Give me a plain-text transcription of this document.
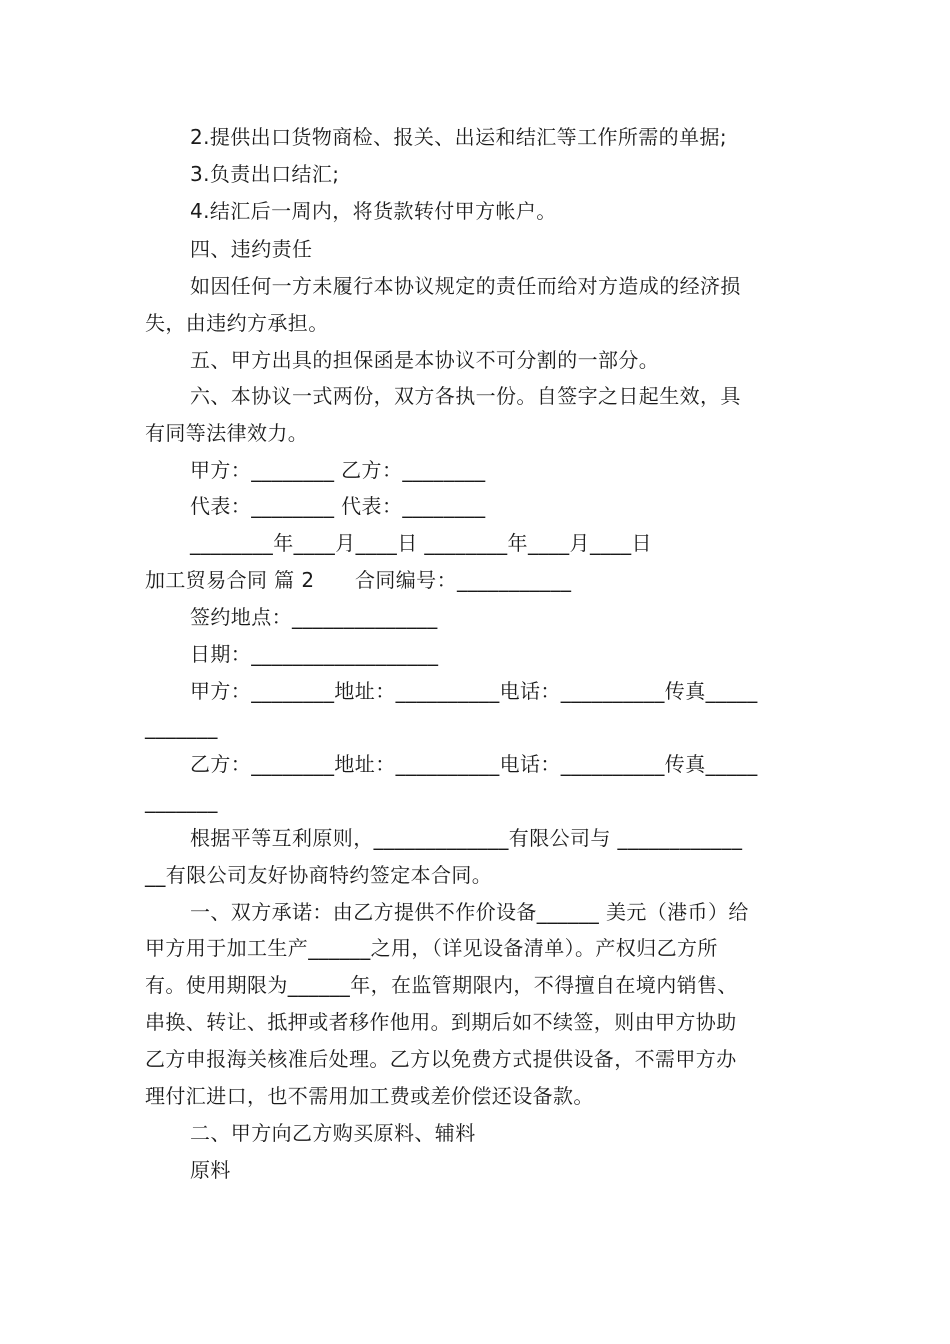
2.提供出口货物商检、报关、出运和结汇等工作所需的单据;
3.负责出口结汇;
4.结汇后一周内，将货款转付甲方帐户。
四、违约责任
如因任何一方未履行本协议规定的责任而给对方造成的经济损
失，由违约方承担。
五、甲方出具的担保函是本协议不可分割的一部分。
六、本协议一式两份，双方各执一份。自签字之日起生效，具
有同等法律效力。
甲方：________ 乙方：________
代表：________ 代表：________
________年____月____日 ________年____月____日
加工贸易合同 篇 2      合同编号：___________
签约地点：______________
日期：__________________
甲方：________地址：__________电话：__________传真_____
_______
乙方：________地址：__________电话：__________传真_____
_______
根据平等互利原则，_____________有限公司与 ____________
__有限公司友好协商特约签定本合同。
一、双方承诺：由乙方提供不作价设备______ 美元（港币）给
甲方用于加工生产______之用，（详见设备清单）。产权归乙方所
有。使用期限为______年，在监管期限内，不得擅自在境内销售、
串换、转让、抵押或者移作他用。到期后如不续签，则由甲方协助
乙方申报海关核准后处理。乙方以免费方式提供设备，不需甲方办
理付汇进口，也不需用加工费或差价偿还设备款。
二、甲方向乙方购买原料、辅料
原料
